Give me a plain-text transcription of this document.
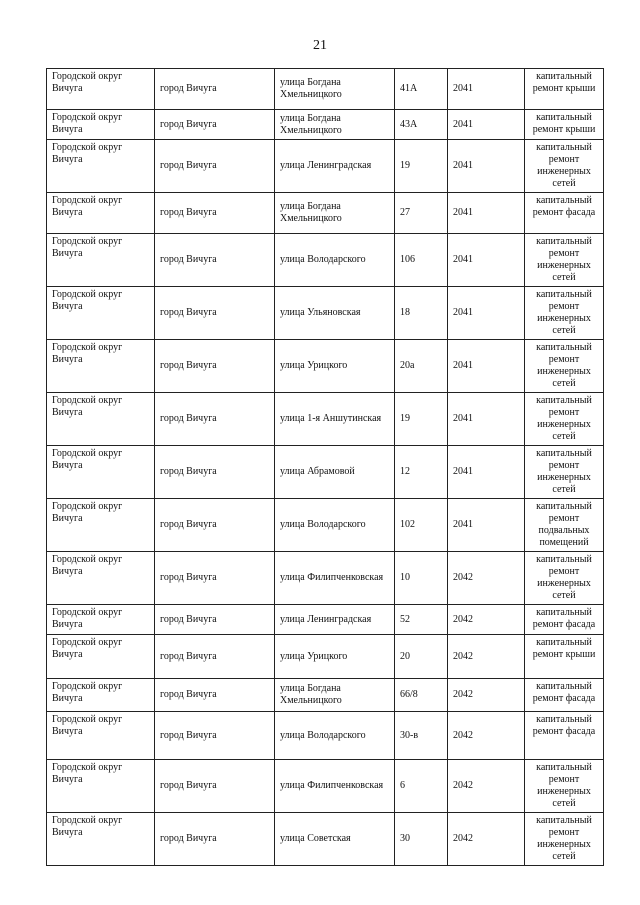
21
Городской округ Вичуга	город Вичуга	улица Богдана Хмельницкого	41А	2041	капитальный ремонт крыши
Городской округ Вичуга	город Вичуга	улица Богдана Хмельницкого	43А	2041	капитальный ремонт крыши
Городской округ Вичуга	город Вичуга	улица Ленинградская	19	2041	капитальный ремонт инженерных сетей
Городской округ Вичуга	город Вичуга	улица Богдана Хмельницкого	27	2041	капитальный ремонт фасада
Городской округ Вичуга	город Вичуга	улица Володарского	106	2041	капитальный ремонт инженерных сетей
Городской округ Вичуга	город Вичуга	улица Ульяновская	18	2041	капитальный ремонт инженерных сетей
Городской округ Вичуга	город Вичуга	улица Урицкого	20а	2041	капитальный ремонт инженерных сетей
Городской округ Вичуга	город Вичуга	улица 1-я Аншутинская	19	2041	капитальный ремонт инженерных сетей
Городской округ Вичуга	город Вичуга	улица Абрамовой	12	2041	капитальный ремонт инженерных сетей
Городской округ Вичуга	город Вичуга	улица Володарского	102	2041	капитальный ремонт подвальных помещений
Городской округ Вичуга	город Вичуга	улица Филипченковская	10	2042	капитальный ремонт инженерных сетей
Городской округ Вичуга	город Вичуга	улица Ленинградская	52	2042	капитальный ремонт фасада
Городской округ Вичуга	город Вичуга	улица Урицкого	20	2042	капитальный ремонт крыши
Городской округ Вичуга	город Вичуга	улица Богдана Хмельницкого	66/8	2042	капитальный ремонт фасада
Городской округ Вичуга	город Вичуга	улица Володарского	30-в	2042	капитальный ремонт фасада
Городской округ Вичуга	город Вичуга	улица Филипченковская	6	2042	капитальный ремонт инженерных сетей
Городской округ Вичуга	город Вичуга	улица Советская	30	2042	капитальный ремонт инженерных сетей
